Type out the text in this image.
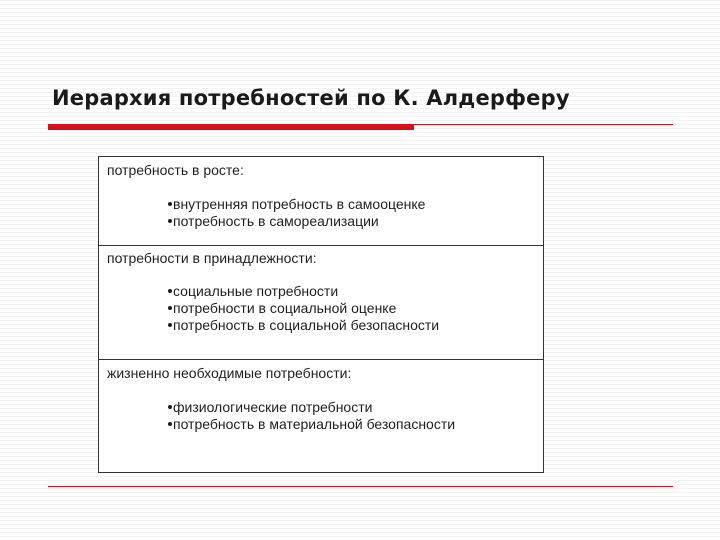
Иерархия потребностей по К. Алдерферу
потребность в росте:
внутренняя потребность в самооценке
потребность в самореализации
потребности в принадлежности:
социальные потребности
потребности в социальной оценке
потребность в социальной безопасности
жизненно необходимые потребности:
физиологические потребности
потребность в материальной безопасности
